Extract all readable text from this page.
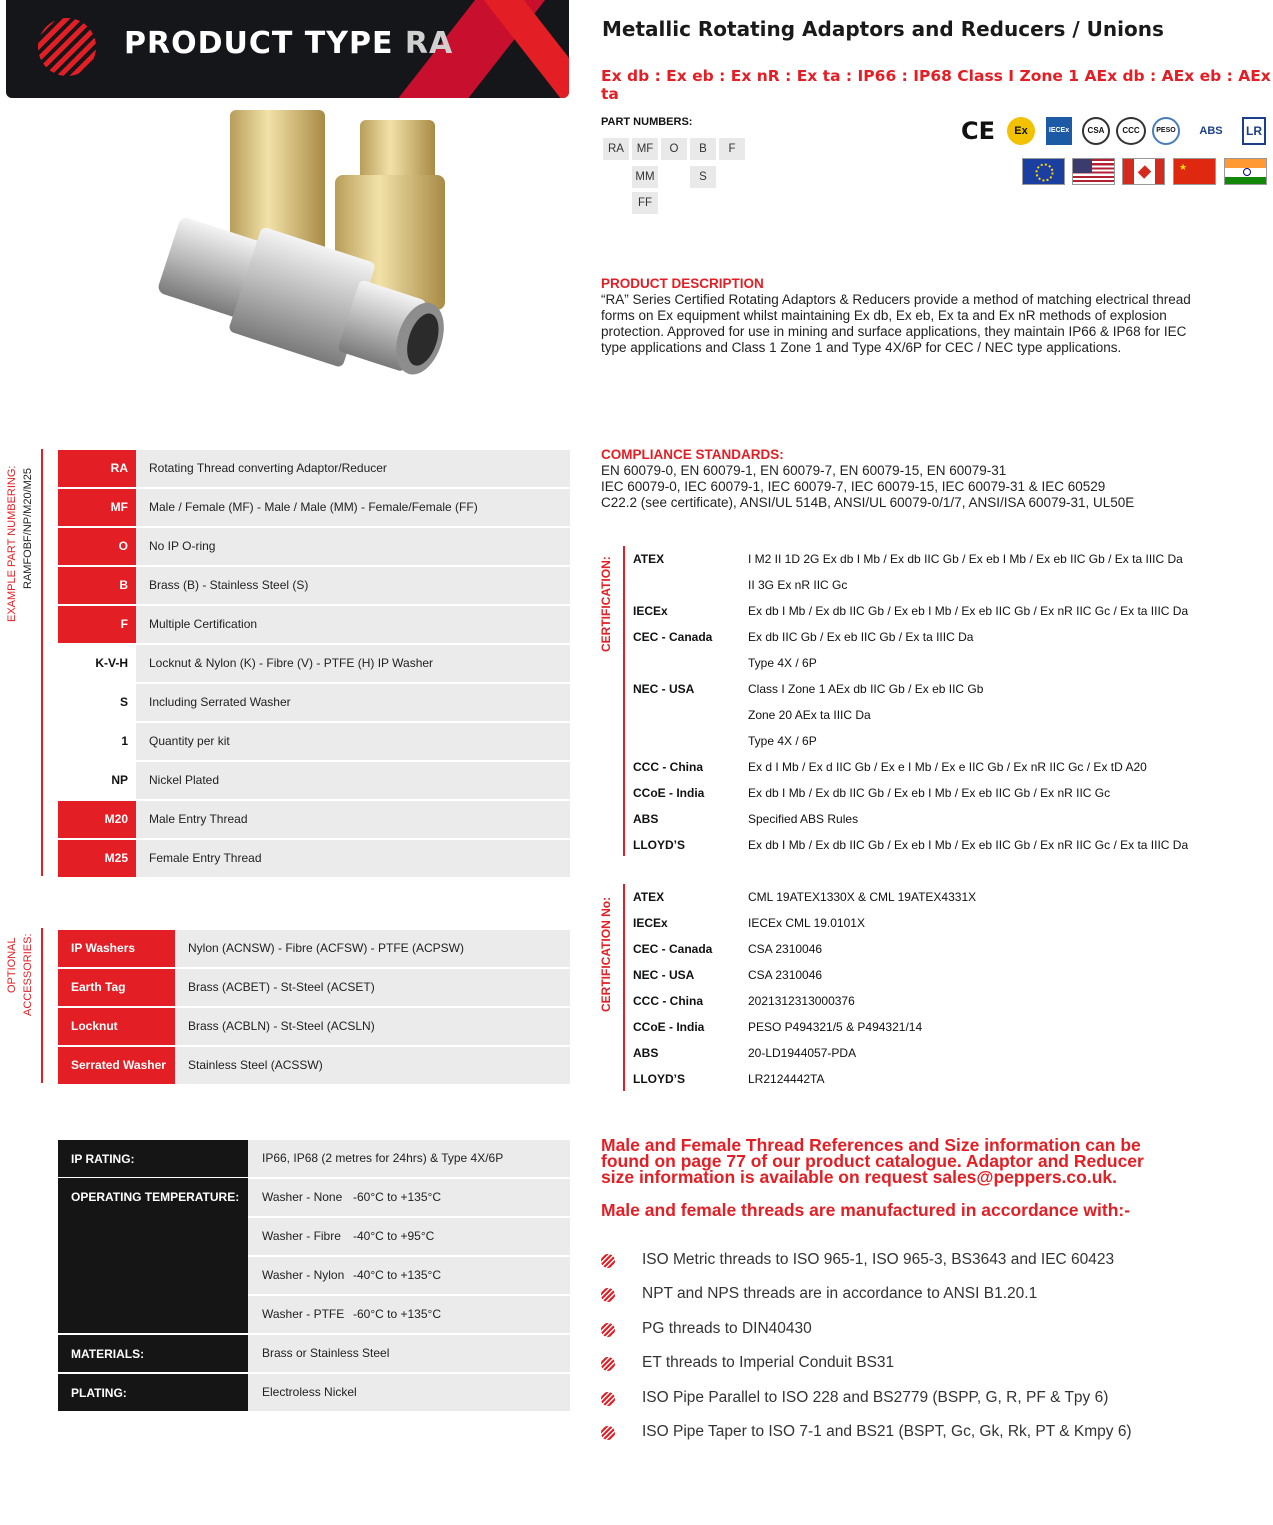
PRODUCT TYPE RA	Metallic Rotating Adaptors and Reducers / Unions
Ex db : Ex eb : Ex nR : Ex ta : IP66 : IP68 Class I Zone 1 AEx db : AEx eb : AEx ta
PART NUMBERS:
RA	MF	O	B	F
MM	S
FF
CE	Ex	IECEx	CSA	CCC	PESO	ABS	LR
★
PRODUCT DESCRIPTION
“RA” Series Certified Rotating Adaptors & Reducers provide a method of matching electrical thread
forms on Ex equipment whilst maintaining Ex db, Ex eb, Ex ta and Ex nR methods of explosion
protection. Approved for use in mining and surface applications, they maintain IP66 & IP68 for IEC
type applications and Class 1 Zone 1 and Type 4X/6P for CEC / NEC type applications.
EXAMPLE PART NUMBERING: RAMFOBF/NP/M20/M25	RA	Rotating Thread converting Adaptor/Reducer
MF	Male / Female (MF) - Male / Male (MM) - Female/Female (FF)
O	No IP O-ring
B	Brass (B) - Stainless Steel (S)
F	Multiple Certification
K-V-H	Locknut & Nylon (K) - Fibre (V) - PTFE (H) IP Washer
S	Including Serrated Washer
1	Quantity per kit
NP	Nickel Plated
M20	Male Entry Thread
M25	Female Entry Thread
OPTIONAL ACCESSORIES:	IP Washers	Nylon (ACNSW) - Fibre (ACFSW) - PTFE (ACPSW)
Earth Tag	Brass (ACBET) - St-Steel (ACSET)
Locknut	Brass (ACBLN) - St-Steel (ACSLN)
Serrated Washer	Stainless Steel (ACSSW)
IP RATING:	IP66, IP68 (2 metres for 24hrs) & Type 4X/6P
OPERATING TEMPERATURE:	Washer - None -60°C to +135°C
Washer - Fibre -40°C to +95°C
Washer - Nylon -40°C to +135°C
Washer - PTFE -60°C to +135°C
MATERIALS:	Brass or Stainless Steel
PLATING:	Electroless Nickel
COMPLIANCE STANDARDS:
EN 60079-0, EN 60079-1, EN 60079-7, EN 60079-15, EN 60079-31
IEC 60079-0, IEC 60079-1, IEC 60079-7, IEC 60079-15, IEC 60079-31 & IEC 60529
C22.2 (see certificate), ANSI/UL 514B, ANSI/UL 60079-0/1/7, ANSI/ISA 60079-31, UL50E
CERTIFICATION: ATEX	I M2 II 1D 2G Ex db I Mb / Ex db IIC Gb / Ex eb I Mb / Ex eb IIC Gb / Ex ta IIIC Da
II 3G Ex nR IIC Gc
IECEx	Ex db I Mb / Ex db IIC Gb / Ex eb I Mb / Ex eb IIC Gb / Ex nR IIC Gc / Ex ta IIIC Da
CEC - Canada	Ex db IIC Gb / Ex eb IIC Gb / Ex ta IIIC Da
Type 4X / 6P
NEC - USA	Class I Zone 1 AEx db IIC Gb / Ex eb IIC Gb
Zone 20 AEx ta IIIC Da
Type 4X / 6P
CCC - China	Ex d I Mb / Ex d IIC Gb / Ex e I Mb / Ex e IIC Gb / Ex nR IIC Gc / Ex tD A20
CCoE - India	Ex db I Mb / Ex db IIC Gb / Ex eb I Mb / Ex eb IIC Gb / Ex nR IIC Gc
ABS	Specified ABS Rules
LLOYD’S	Ex db I Mb / Ex db IIC Gb / Ex eb I Mb / Ex eb IIC Gb / Ex nR IIC Gc / Ex ta IIIC Da
CERTIFICATION No: ATEX	CML 19ATEX1330X & CML 19ATEX4331X
IECEx	IECEx CML 19.0101X
CEC - Canada	CSA 2310046
NEC - USA	CSA 2310046
CCC - China	2021312313000376
CCoE - India	PESO P494321/5 & P494321/14
ABS	20-LD1944057-PDA
LLOYD’S	LR2124442TA
Male and Female Thread References and Size information can be
found on page 77 of our product catalogue. Adaptor and Reducer
size information is available on request sales@peppers.co.uk.
Male and female threads are manufactured in accordance with:-
ISO Metric threads to ISO 965-1, ISO 965-3, BS3643 and IEC 60423
NPT and NPS threads are in accordance to ANSI B1.20.1
PG threads to DIN40430
ET threads to Imperial Conduit BS31
ISO Pipe Parallel to ISO 228 and BS2779 (BSPP, G, R, PF & Tpy 6)
ISO Pipe Taper to ISO 7-1 and BS21 (BSPT, Gc, Gk, Rk, PT & Kmpy 6)
